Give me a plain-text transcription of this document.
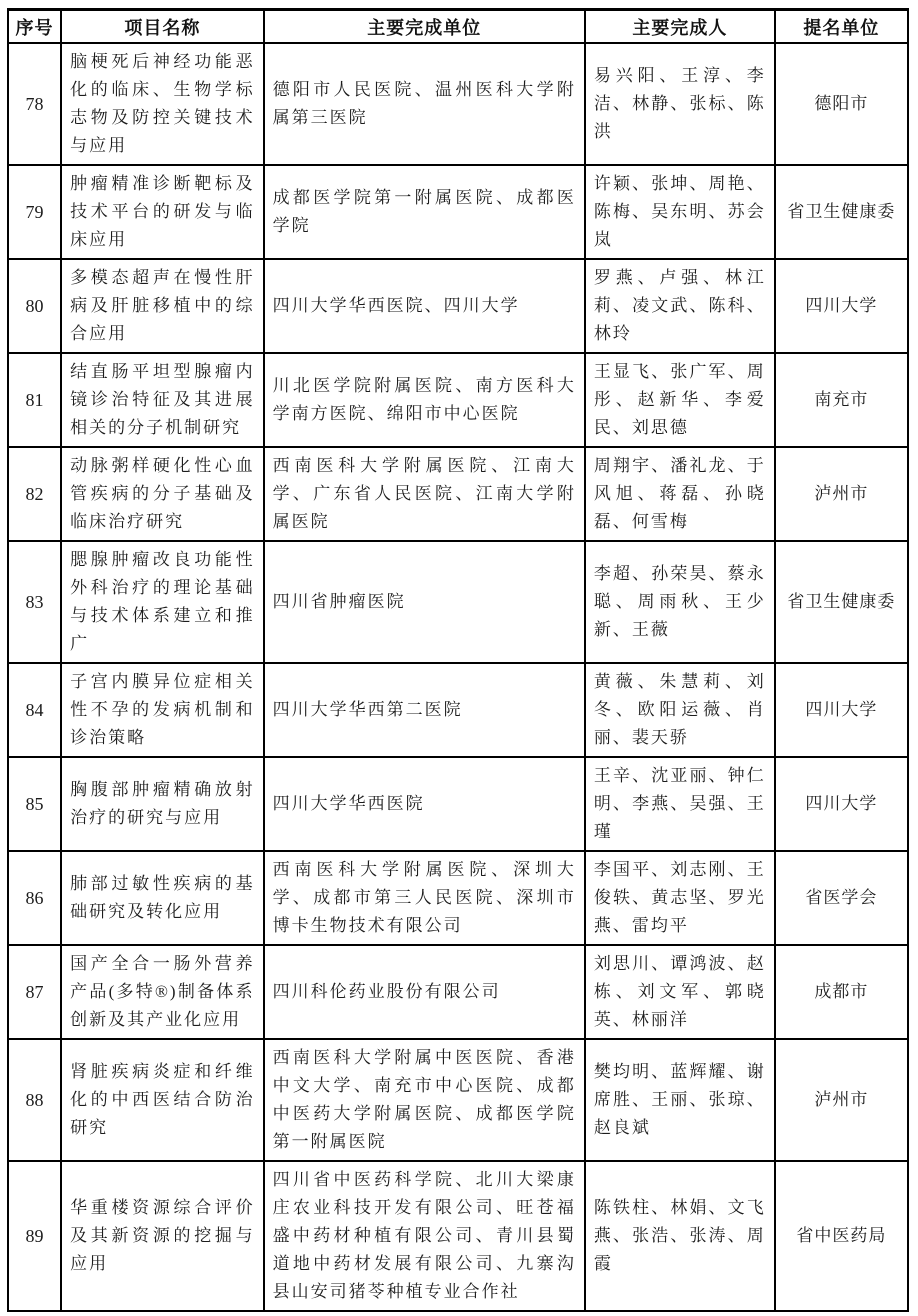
序号	项目名称	主要完成单位	主要完成人	提名单位
78	脑梗死后神经功能恶化的临床、生物学标志物及防控关键技术与应用	德阳市人民医院、温州医科大学附属第三医院	易兴阳、王淳、李洁、林静、张标、陈洪	德阳市
79	肿瘤精准诊断靶标及技术平台的研发与临床应用	成都医学院第一附属医院、成都医学院	许颖、张坤、周艳、陈梅、吴东明、苏会岚	省卫生健康委
80	多模态超声在慢性肝病及肝脏移植中的综合应用	四川大学华西医院、四川大学	罗燕、卢强、林江莉、凌文武、陈科、林玲	四川大学
81	结直肠平坦型腺瘤内镜诊治特征及其进展相关的分子机制研究	川北医学院附属医院、南方医科大学南方医院、绵阳市中心医院	王显飞、张广军、周彤、赵新华、李爱民、刘思德	南充市
82	动脉粥样硬化性心血管疾病的分子基础及临床治疗研究	西南医科大学附属医院、江南大学、广东省人民医院、江南大学附属医院	周翔宇、潘礼龙、于风旭、蒋磊、孙晓磊、何雪梅	泸州市
83	腮腺肿瘤改良功能性外科治疗的理论基础与技术体系建立和推广	四川省肿瘤医院	李超、孙荣昊、蔡永聪、周雨秋、王少新、王薇	省卫生健康委
84	子宫内膜异位症相关性不孕的发病机制和诊治策略	四川大学华西第二医院	黄薇、朱慧莉、刘冬、欧阳运薇、肖丽、裴天骄	四川大学
85	胸腹部肿瘤精确放射治疗的研究与应用	四川大学华西医院	王辛、沈亚丽、钟仁明、李燕、吴强、王瑾	四川大学
86	肺部过敏性疾病的基础研究及转化应用	西南医科大学附属医院、深圳大学、成都市第三人民医院、深圳市博卡生物技术有限公司	李国平、刘志刚、王俊轶、黄志坚、罗光燕、雷均平	省医学会
87	国产全合一肠外营养产品(多特®)制备体系创新及其产业化应用	四川科伦药业股份有限公司	刘思川、谭鸿波、赵栋、刘文军、郭晓英、林丽洋	成都市
88	肾脏疾病炎症和纤维化的中西医结合防治研究	西南医科大学附属中医医院、香港中文大学、南充市中心医院、成都中医药大学附属医院、成都医学院第一附属医院	樊均明、蓝辉耀、谢席胜、王丽、张琼、赵良斌	泸州市
89	华重楼资源综合评价及其新资源的挖掘与应用	四川省中医药科学院、北川大梁康庄农业科技开发有限公司、旺苍福盛中药材种植有限公司、青川县蜀道地中药材发展有限公司、九寨沟县山安司猪苓种植专业合作社	陈铁柱、林娟、文飞燕、张浩、张涛、周霞	省中医药局
